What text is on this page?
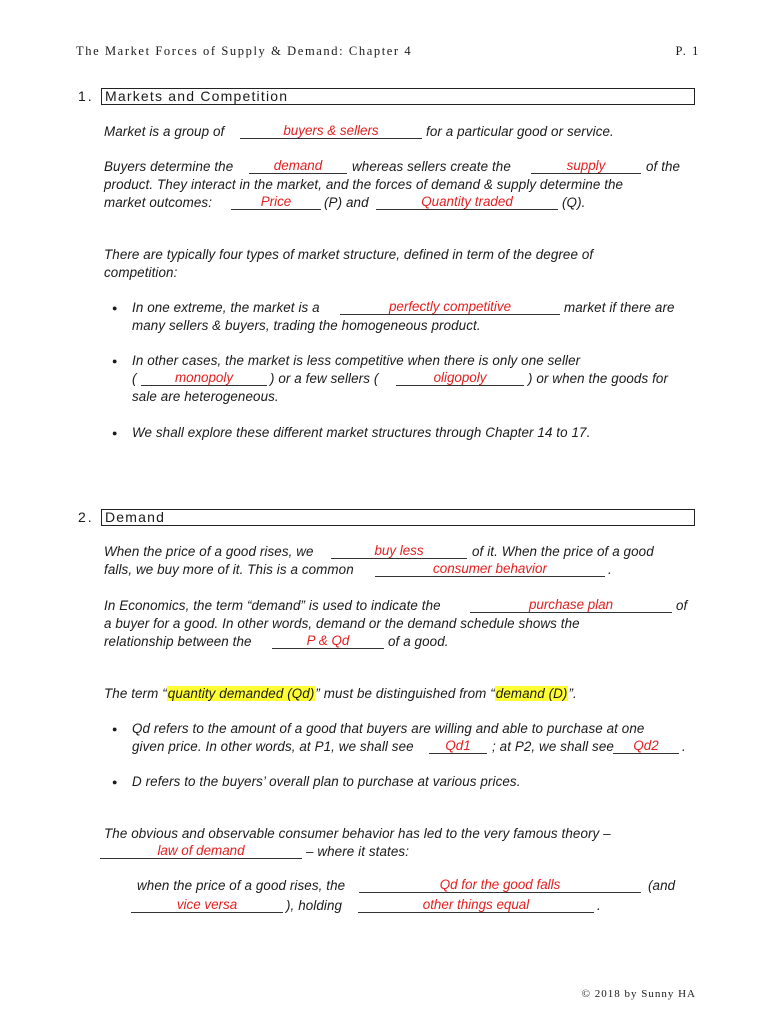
The Market Forces of Supply & Demand: Chapter 4	P. 1
1. Markets and Competition
Market is a group of	buyers & sellers	for a particular good or service.
Buyers determine the	demand	whereas sellers create the	supply	of the
product. They interact in the market, and the forces of demand & supply determine the
market outcomes:	Price	(P) and	Quantity traded	(Q).
There are typically four types of market structure, defined in term of the degree of
competition:
● In one extreme, the market is a	perfectly competitive	market if there are
many sellers & buyers, trading the homogeneous product.
● In other cases, the market is less competitive when there is only one seller
(	monopoly	) or a few sellers (	oligopoly	) or when the goods for
sale are heterogeneous.
● We shall explore these different market structures through Chapter 14 to 17.
2. Demand
When the price of a good rises, we	buy less	of it. When the price of a good
falls, we buy more of it. This is a common	consumer behavior	.
In Economics, the term “demand” is used to indicate the	purchase plan	of
a buyer for a good. In other words, demand or the demand schedule shows the
relationship between the	P & Qd	of a good.
The term “quantity demanded (Qd)” must be distinguished from “demand (D)”.
● Qd refers to the amount of a good that buyers are willing and able to purchase at one
given price. In other words, at P1, we shall see	Qd1	; at P2, we shall see	Qd2	.
● D refers to the buyers’ overall plan to purchase at various prices.
The obvious and observable consumer behavior has led to the very famous theory –
law of demand	– where it states:
when the price of a good rises, the	Qd for the good falls	(and
vice versa	), holding	other things equal	.
© 2018 by Sunny HA
